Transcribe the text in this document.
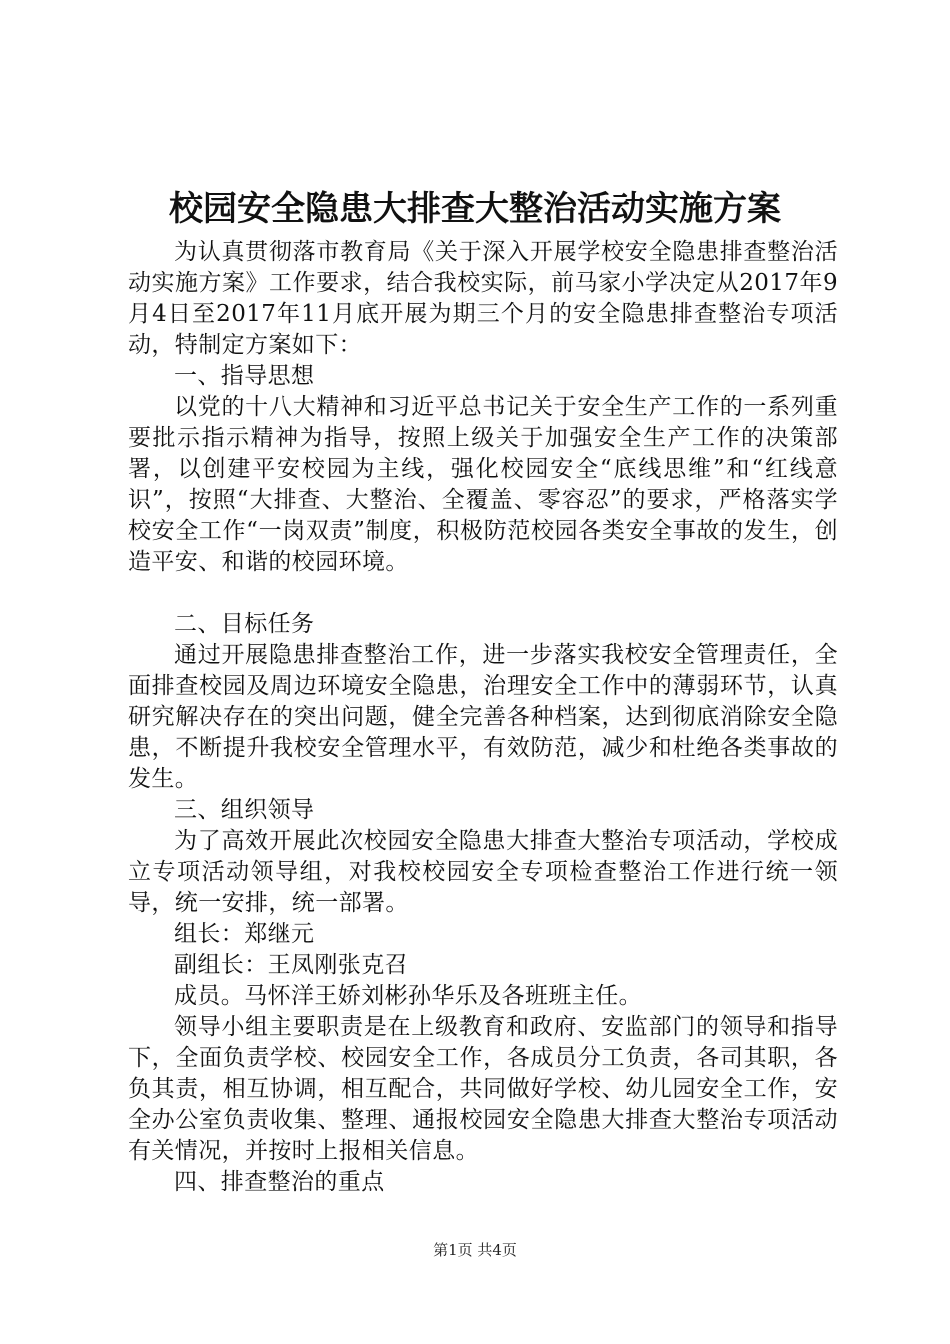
校园安全隐患大排查大整治活动实施方案

为认真贯彻落市教育局《关于深入开展学校安全隐患排查整治活动实施方案》工作要求，结合我校实际，前马家小学决定从2017年9月4日至2017年11月底开展为期三个月的安全隐患排查整治专项活动，特制定方案如下：

一、指导思想

以党的十八大精神和习近平总书记关于安全生产工作的一系列重要批示指示精神为指导，按照上级关于加强安全生产工作的决策部署，以创建平安校园为主线，强化校园安全“底线思维”和“红线意识”，按照“大排查、大整治、全覆盖、零容忍”的要求，严格落实学校安全工作“一岗双责”制度，积极防范校园各类安全事故的发生，创造平安、和谐的校园环境。

二、目标任务

通过开展隐患排查整治工作，进一步落实我校安全管理责任，全面排查校园及周边环境安全隐患，治理安全工作中的薄弱环节，认真研究解决存在的突出问题，健全完善各种档案，达到彻底消除安全隐患，不断提升我校安全管理水平，有效防范，减少和杜绝各类事故的发生。

三、组织领导

为了高效开展此次校园安全隐患大排查大整治专项活动，学校成立专项活动领导组，对我校校园安全专项检查整治工作进行统一领导，统一安排，统一部署。

组长：郑继元

副组长：王凤刚张克召

成员。马怀洋王娇刘彬孙华乐及各班班主任。

领导小组主要职责是在上级教育和政府、安监部门的领导和指导下，全面负责学校、校园安全工作，各成员分工负责，各司其职，各负其责，相互协调，相互配合，共同做好学校、幼儿园安全工作，安全办公室负责收集、整理、通报校园安全隐患大排查大整治专项活动有关情况，并按时上报相关信息。

四、排查整治的重点

第1页 共4页
